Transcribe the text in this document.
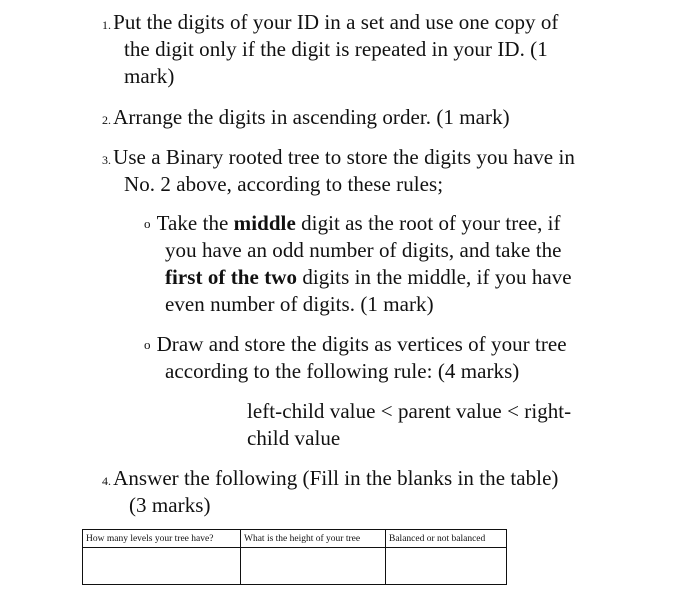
1.Put the digits of your ID in a set and use one copy of
the digit only if the digit is repeated in your ID. (1
mark)
2.Arrange the digits in ascending order. (1 mark)
3.Use a Binary rooted tree to store the digits you have in
No. 2 above, according to these rules;
o Take the middle digit as the root of your tree, if
you have an odd number of digits, and take the
first of the two digits in the middle, if you have
even number of digits. (1 mark)
o Draw and store the digits as vertices of your tree
according to the following rule: (4 marks)
left-child value < parent value < right-
child value
4.Answer the following (Fill in the blanks in the table)
(3 marks)
How many levels your tree have?	What is the height of your tree	Balanced or not balanced
